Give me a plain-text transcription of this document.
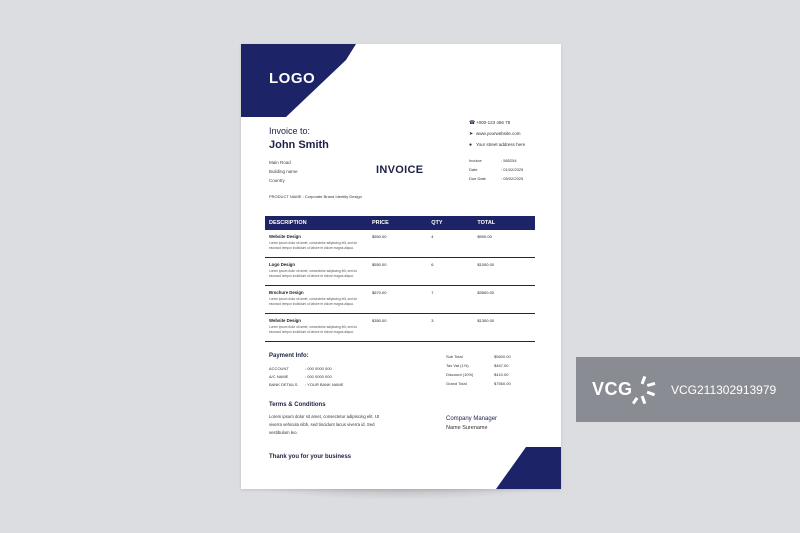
LOGO
Invoice to:
John Smith
Main Road
Building name
Country
☎ +000-123 456 78
➤ www.yourwebsite.com
● Your street address here
INVOICE
Invoice	: 565254
Date	: 01/02/2025
Due Date	: 05/02/2025
PRODUCT NAME : Corporate Brand Identity Design
DESCRIPTION	PRICE	QTY	TOTAL

Website Design
Lorem ipsum dolor sit amet, consectetur adipiscing elit, sed do eiusmod tempor incididunt ut labore et dolore magna aliqua.	$550.00	4	$900.00

Logo Design
Lorem ipsum dolor sit amet, consectetur adipiscing elit, sed do eiusmod tempor incididunt ut labore et dolore magna aliqua.	$550.00	6	$1000.00

Brochure Design
Lorem ipsum dolor sit amet, consectetur adipiscing elit, sed do eiusmod tempor incididunt ut labore et dolore magna aliqua.	$670.00	7	$3500.00

Website Design
Lorem ipsum dolor sit amet, consectetur adipiscing elit, sed do eiusmod tempor incididunt ut labore et dolore magna aliqua.	$350.00	3	$1300.00
Payment Info:
ACCOUNT	: 000 0000 000
A/C NAME	: 000 0000 000
BANK DETAILS	: YOUR BANK NAME
Sub Total	$5600.00
Tax Vat (1%)	$467.00
Discount (10%)	$410.00
Grand Total	$7560.00
Terms & Conditions
Lorem ipsum dolor sit amet, consectetur adipiscing elit. Ut viverra vehicula nibh, sed tincidunt lacus viverra id. Sed vestibulum leo.
Company Manager
Name Surename
Thank you for your business
VCG	VCG21130291397​9
